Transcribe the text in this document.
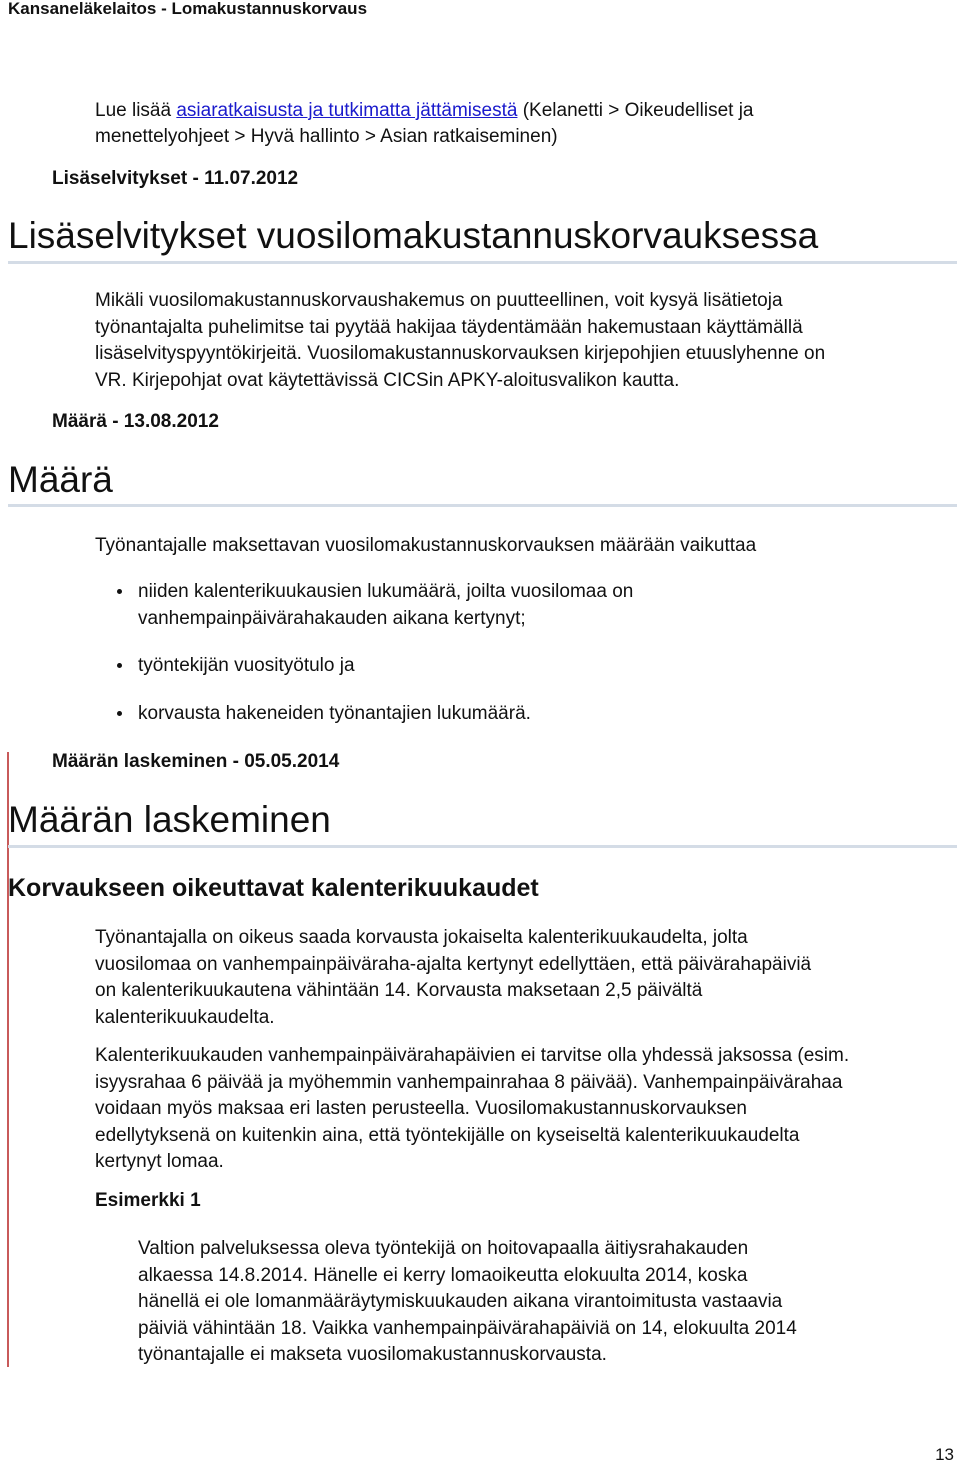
Kansaneläkelaitos - Lomakustannuskorvaus
Lue lisää asiaratkaisusta ja tutkimatta jättämisestä (Kelanetti > Oikeudelliset ja
menettelyohjeet > Hyvä hallinto > Asian ratkaiseminen)
Lisäselvitykset - 11.07.2012
Lisäselvitykset vuosilomakustannuskorvauksessa
Mikäli vuosilomakustannuskorvaushakemus on puutteellinen, voit kysyä lisätietoja
työnantajalta puhelimitse tai pyytää hakijaa täydentämään hakemustaan käyttämällä
lisäselvityspyyntökirjeitä. Vuosilomakustannuskorvauksen kirjepohjien etuuslyhenne on
VR. Kirjepohjat ovat käytettävissä CICSin APKY-aloitusvalikon kautta.
Määrä - 13.08.2012
Määrä
Työnantajalle maksettavan vuosilomakustannuskorvauksen määrään vaikuttaa
niiden kalenterikuukausien lukumäärä, joilta vuosilomaa on
vanhempainpäivärahakauden aikana kertynyt;
työntekijän vuosityötulo ja
korvausta hakeneiden työnantajien lukumäärä.
Määrän laskeminen - 05.05.2014
Määrän laskeminen
Korvaukseen oikeuttavat kalenterikuukaudet
Työnantajalla on oikeus saada korvausta jokaiselta kalenterikuukaudelta, jolta
vuosilomaa on vanhempainpäiväraha-ajalta kertynyt edellyttäen, että päivärahapäiviä
on kalenterikuukautena vähintään 14. Korvausta maksetaan 2,5 päivältä
kalenterikuukaudelta.
Kalenterikuukauden vanhempainpäivärahapäivien ei tarvitse olla yhdessä jaksossa (esim.
isyysrahaa 6 päivää ja myöhemmin vanhempainrahaa 8 päivää). Vanhempainpäivärahaa
voidaan myös maksaa eri lasten perusteella. Vuosilomakustannuskorvauksen
edellytyksenä on kuitenkin aina, että työntekijälle on kyseiseltä kalenterikuukaudelta
kertynyt lomaa.
Esimerkki 1
Valtion palveluksessa oleva työntekijä on hoitovapaalla äitiysrahakauden
alkaessa 14.8.2014. Hänelle ei kerry lomaoikeutta elokuulta 2014, koska
hänellä ei ole lomanmääräytymiskuukauden aikana virantoimitusta vastaavia
päiviä vähintään 18. Vaikka vanhempainpäivärahapäiviä on 14, elokuulta 2014
työnantajalle ei makseta vuosilomakustannuskorvausta.
13
